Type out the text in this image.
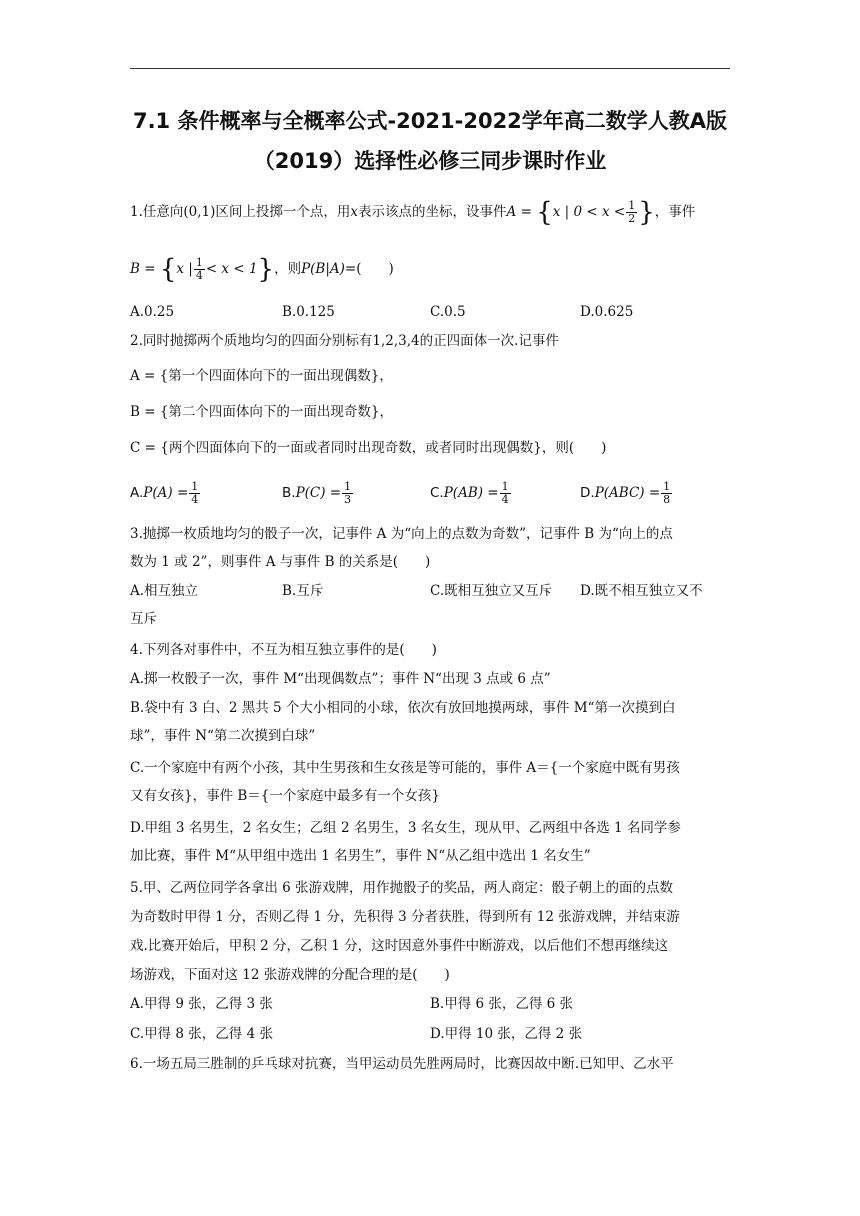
7.1 条件概率与全概率公式-2021-2022学年高二数学人教A版
（2019）选择性必修三同步课时作业
1.任意向(0,1)区间上投掷一个点，用x表示该点的坐标，设事件A = {x | $0 < x < \frac{1}{2}$ }，事件
B = {x | $\frac{1}{4} < x < 1$}，则P(B|A)=(　　)
A.0.25	B.0.125	C.0.5	D.0.625
2.同时抛掷两个质地均匀的四面分别标有1,2,3,4的正四面体一次.记事件
A = {第一个四面体向下的一面出现偶数}，
B = {第二个四面体向下的一面出现奇数}，
C = {两个四面体向下的一面或者同时出现奇数，或者同时出现偶数}，则(　　)
$A.P(A) = \frac{1}{4}$	$B.P(C) = \frac{1}{3}$	$C.P(AB) = \frac{1}{4}$	$D.P(ABC) = \frac{1}{8}$
3.抛掷一枚质地均匀的骰子一次，记事件 A 为“向上的点数为奇数”，记事件 B 为“向上的点
数为 1 或 2”，则事件 A 与事件 B 的关系是(　　)
A.相互独立	B.互斥	C.既相互独立又互斥 D.既不相互独立又不
互斥
4.下列各对事件中，不互为相互独立事件的是(　　)
A.掷一枚骰子一次，事件 M“出现偶数点”；事件 N“出现 3 点或 6 点”
B.袋中有 3 白、2 黑共 5 个大小相同的小球，依次有放回地摸两球，事件 M“第一次摸到白
球”，事件 N“第二次摸到白球”
C.一个家庭中有两个小孩，其中生男孩和生女孩是等可能的，事件 A＝{一个家庭中既有男孩
又有女孩}，事件 B＝{一个家庭中最多有一个女孩}
D.甲组 3 名男生，2 名女生；乙组 2 名男生，3 名女生，现从甲、乙两组中各选 1 名同学参
加比赛，事件 M“从甲组中选出 1 名男生”，事件 N“从乙组中选出 1 名女生”
5.甲、乙两位同学各拿出 6 张游戏牌，用作抛骰子的奖品，两人商定：骰子朝上的面的点数
为奇数时甲得 1 分，否则乙得 1 分，先积得 3 分者获胜，得到所有 12 张游戏牌，并结束游
戏.比赛开始后，甲积 2 分，乙积 1 分，这时因意外事件中断游戏，以后他们不想再继续这
场游戏，下面对这 12 张游戏牌的分配合理的是(　　)
A.甲得 9 张，乙得 3 张	B.甲得 6 张，乙得 6 张
C.甲得 8 张，乙得 4 张	D.甲得 10 张，乙得 2 张
6.一场五局三胜制的乒乓球对抗赛，当甲运动员先胜两局时，比赛因故中断.已知甲、乙水平
